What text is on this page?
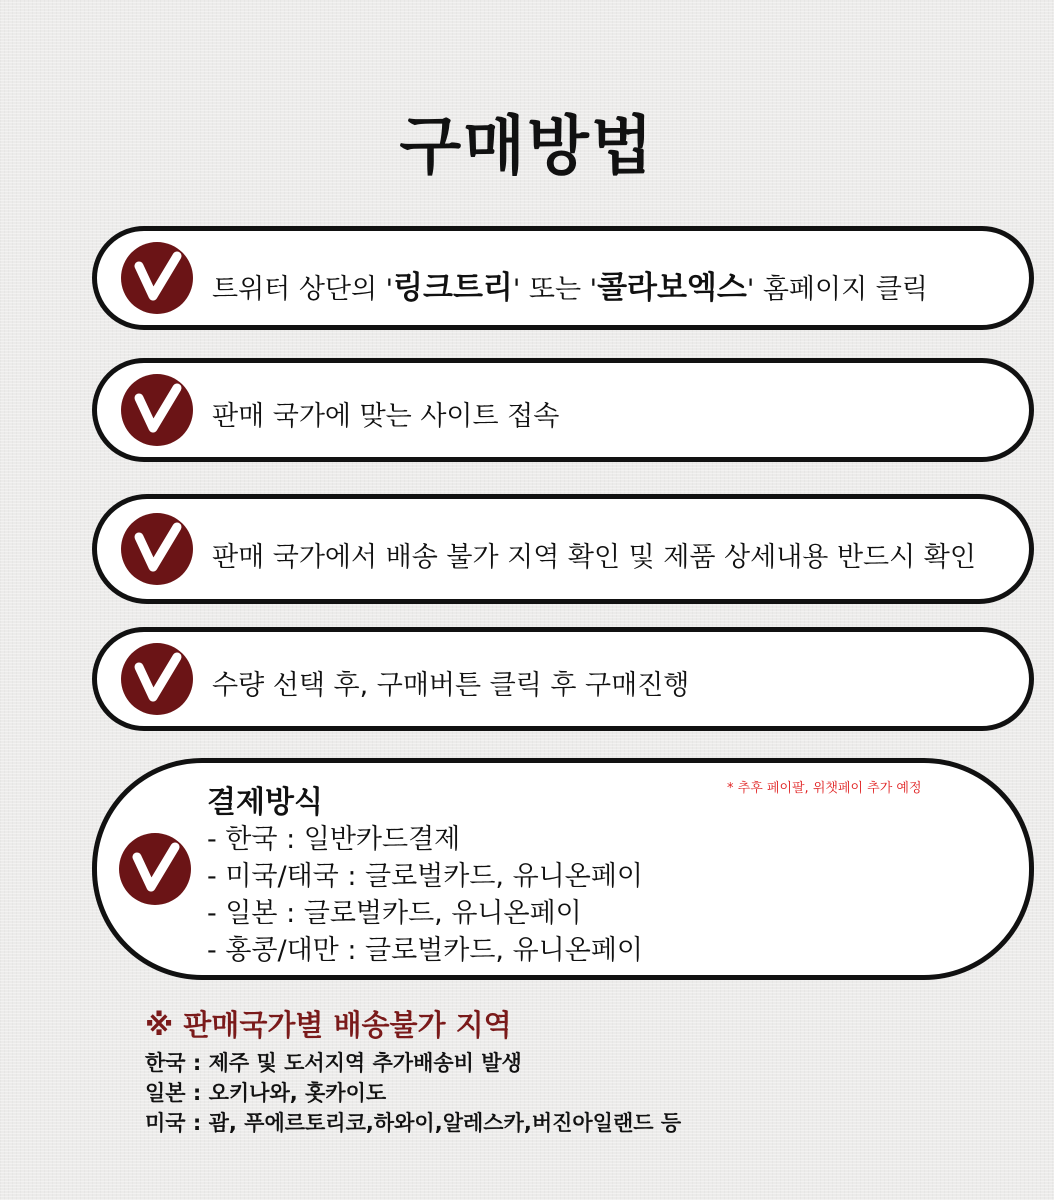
구매방법
트위터 상단의 '링크트리' 또는 '콜라보엑스' 홈페이지 클릭
판매 국가에 맞는 사이트 접속
판매 국가에서 배송 불가 지역 확인 및 제품 상세내용 반드시 확인
수량 선택 후, 구매버튼 클릭 후 구매진행
결제방식	* 추후 페이팔, 위챗페이 추가 예정
- 한국 : 일반카드결제
- 미국/태국 : 글로벌카드, 유니온페이
- 일본 : 글로벌카드, 유니온페이
- 홍콩/대만 : 글로벌카드, 유니온페이
※ 판매국가별 배송불가 지역
한국 : 제주 및 도서지역 추가배송비 발생
일본 : 오키나와, 홋카이도
미국 : 괌, 푸에르토리코,하와이,알레스카,버진아일랜드 등
